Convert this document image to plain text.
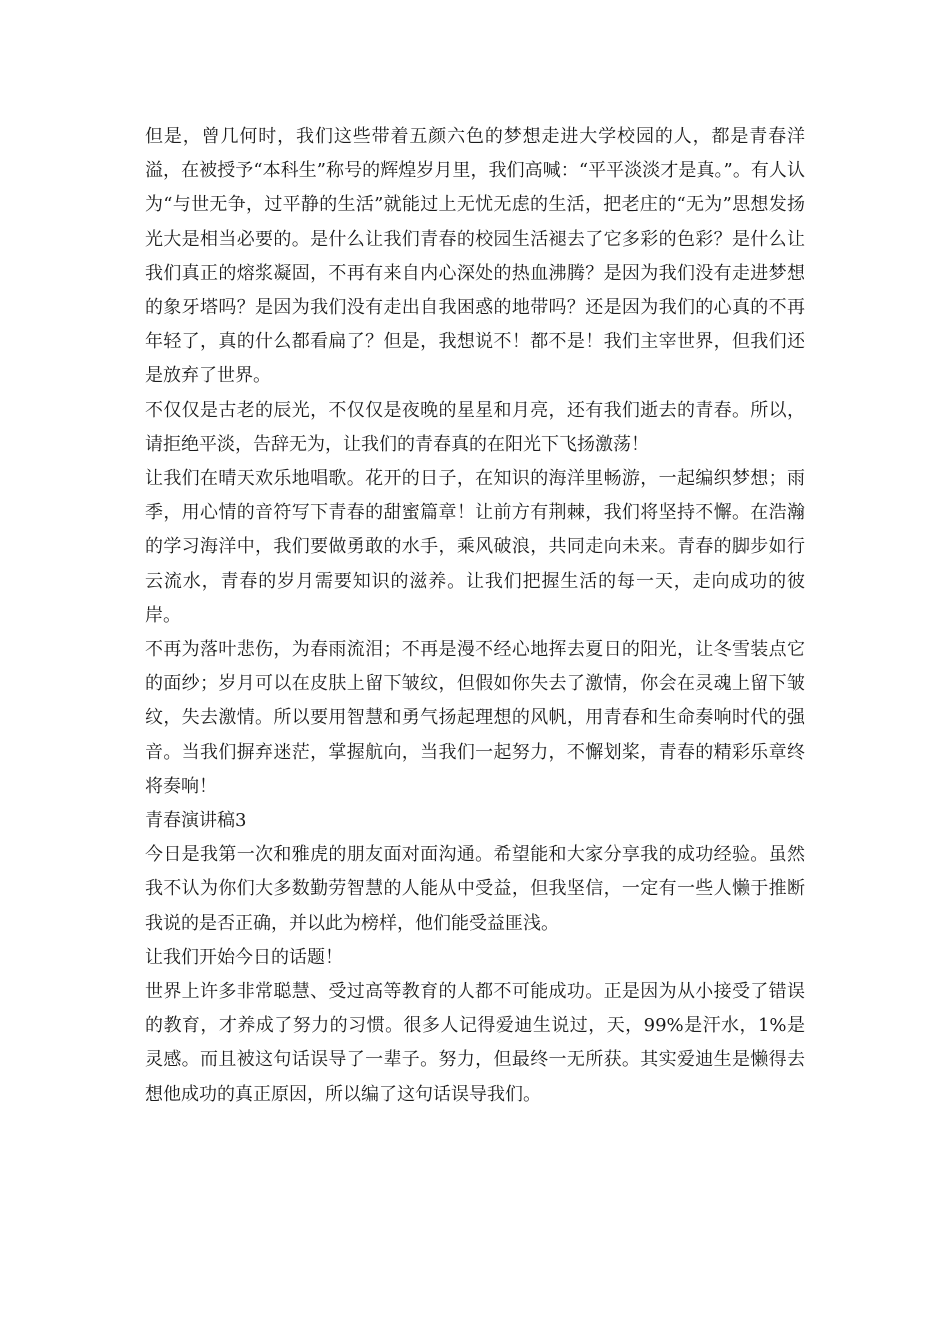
但是，曾几何时，我们这些带着五颜六色的梦想走进大学校园的人，都是青春洋溢，在被授予“本科生”称号的辉煌岁月里，我们高喊：“平平淡淡才是真。”。有人认为“与世无争，过平静的生活”就能过上无忧无虑的生活，把老庄的“无为”思想发扬光大是相当必要的。是什么让我们青春的校园生活褪去了它多彩的色彩？是什么让我们真正的熔浆凝固，不再有来自内心深处的热血沸腾？是因为我们没有走进梦想的象牙塔吗？是因为我们没有走出自我困惑的地带吗？还是因为我们的心真的不再年轻了，真的什么都看扁了？但是，我想说不！都不是！我们主宰世界，但我们还是放弃了世界。

不仅仅是古老的辰光，不仅仅是夜晚的星星和月亮，还有我们逝去的青春。所以，请拒绝平淡，告辞无为，让我们的青春真的在阳光下飞扬激荡！

让我们在晴天欢乐地唱歌。花开的日子，在知识的海洋里畅游，一起编织梦想；雨季，用心情的音符写下青春的甜蜜篇章！让前方有荆棘，我们将坚持不懈。在浩瀚的学习海洋中，我们要做勇敢的水手，乘风破浪，共同走向未来。青春的脚步如行云流水，青春的岁月需要知识的滋养。让我们把握生活的每一天，走向成功的彼岸。

不再为落叶悲伤，为春雨流泪；不再是漫不经心地挥去夏日的阳光，让冬雪装点它的面纱；岁月可以在皮肤上留下皱纹，但假如你失去了激情，你会在灵魂上留下皱纹，失去激情。所以要用智慧和勇气扬起理想的风帆，用青春和生命奏响时代的强音。当我们摒弃迷茫，掌握航向，当我们一起努力，不懈划桨，青春的精彩乐章终将奏响！

青春演讲稿3

今日是我第一次和雅虎的朋友面对面沟通。希望能和大家分享我的成功经验。虽然我不认为你们大多数勤劳智慧的人能从中受益，但我坚信，一定有一些人懒于推断我说的是否正确，并以此为榜样，他们能受益匪浅。

让我们开始今日的话题！

世界上许多非常聪慧、受过高等教育的人都不可能成功。正是因为从小接受了错误的教育，才养成了努力的习惯。很多人记得爱迪生说过，天，99%是汗水，1%是灵感。而且被这句话误导了一辈子。努力，但最终一无所获。其实爱迪生是懒得去想他成功的真正原因，所以编了这句话误导我们。
